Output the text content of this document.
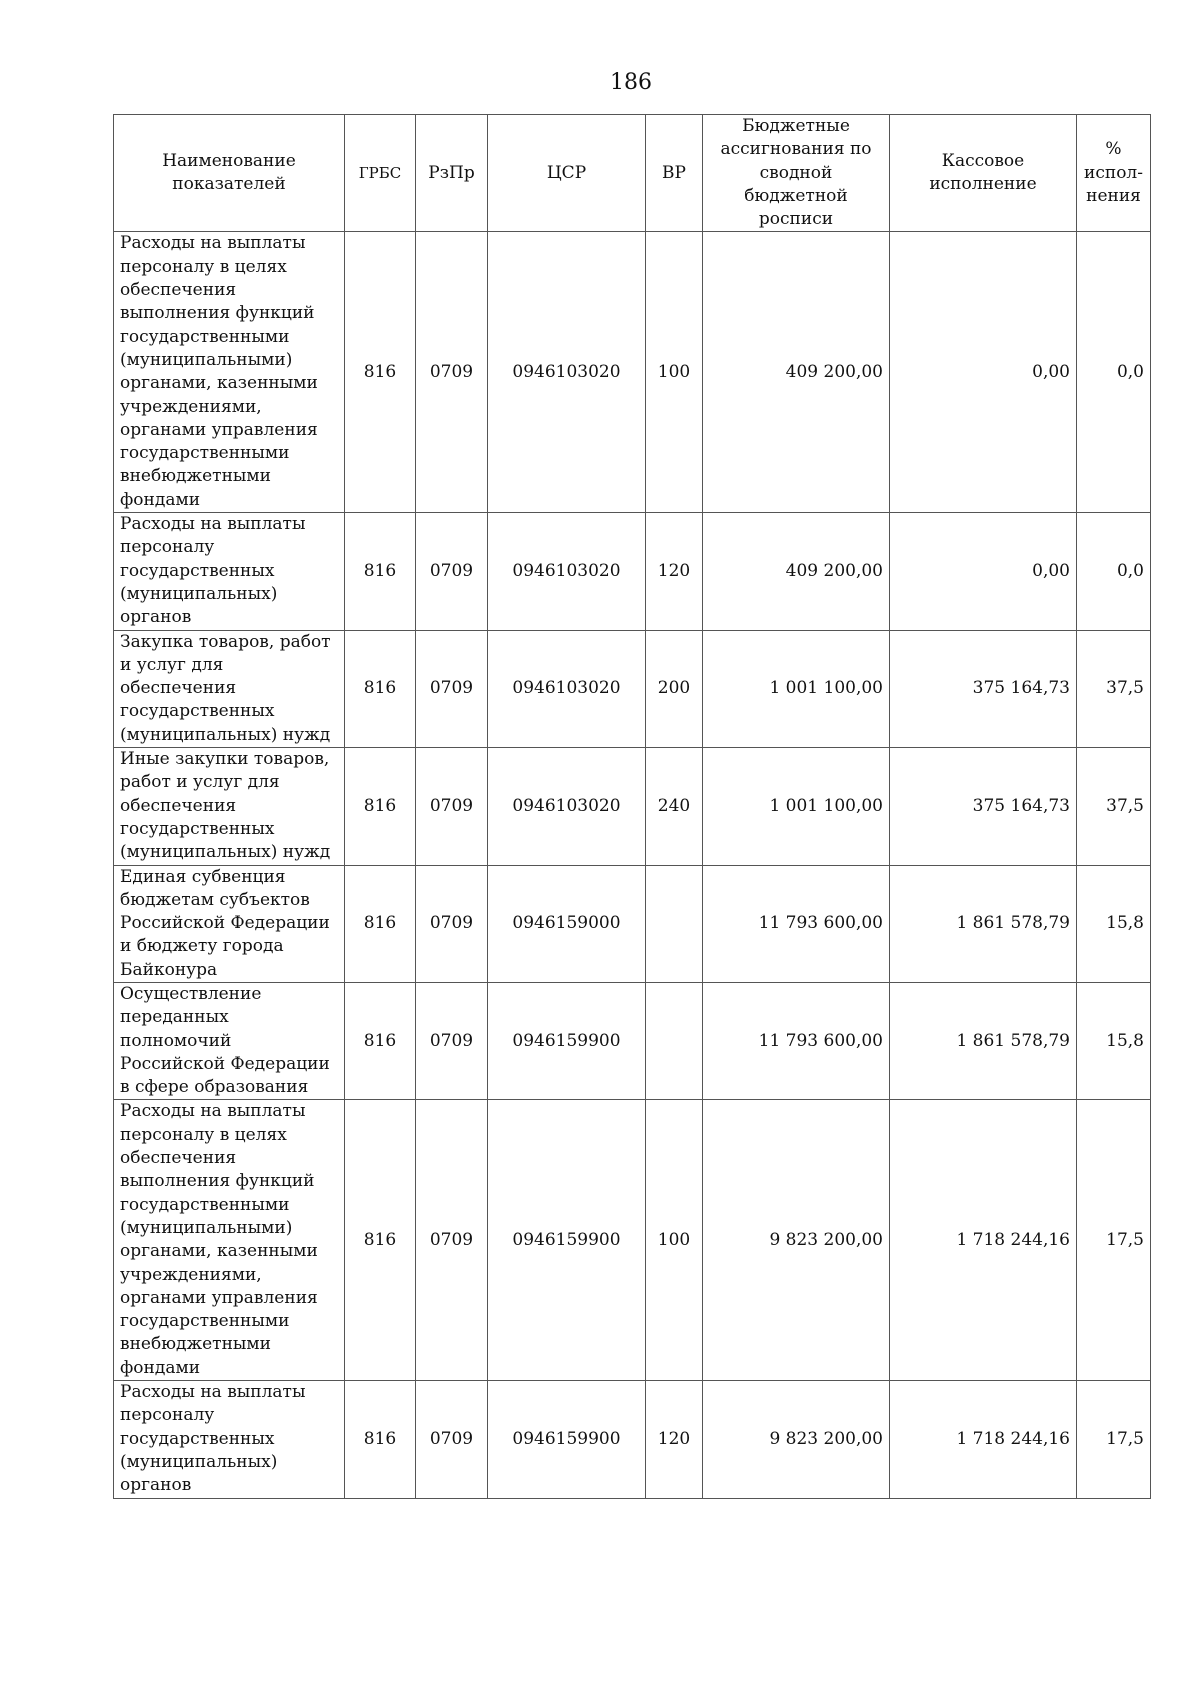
186
Наименование показателей	ГРБС	РзПр	ЦСР	ВР	Бюджетные ассигнования по сводной бюджетной росписи	Кассовое исполнение	% испол-нения
Расходы на выплаты персоналу в целях обеспечения выполнения функций государственными (муниципальными) органами, казенными учреждениями, органами управления государственными внебюджетными фондами	816	0709	0946103020	100	409 200,00	0,00	0,0
Расходы на выплаты персоналу государственных (муниципальных) органов	816	0709	0946103020	120	409 200,00	0,00	0,0
Закупка товаров, работ и услуг для обеспечения государственных (муниципальных) нужд	816	0709	0946103020	200	1 001 100,00	375 164,73	37,5
Иные закупки товаров, работ и услуг для обеспечения государственных (муниципальных) нужд	816	0709	0946103020	240	1 001 100,00	375 164,73	37,5
Единая субвенция бюджетам субъектов Российской Федерации и бюджету города Байконура	816	0709	0946159000		11 793 600,00	1 861 578,79	15,8
Осуществление переданных полномочий Российской Федерации в сфере образования	816	0709	0946159900		11 793 600,00	1 861 578,79	15,8
Расходы на выплаты персоналу в целях обеспечения выполнения функций государственными (муниципальными) органами, казенными учреждениями, органами управления государственными внебюджетными фондами	816	0709	0946159900	100	9 823 200,00	1 718 244,16	17,5
Расходы на выплаты персоналу государственных (муниципальных) органов	816	0709	0946159900	120	9 823 200,00	1 718 244,16	17,5
